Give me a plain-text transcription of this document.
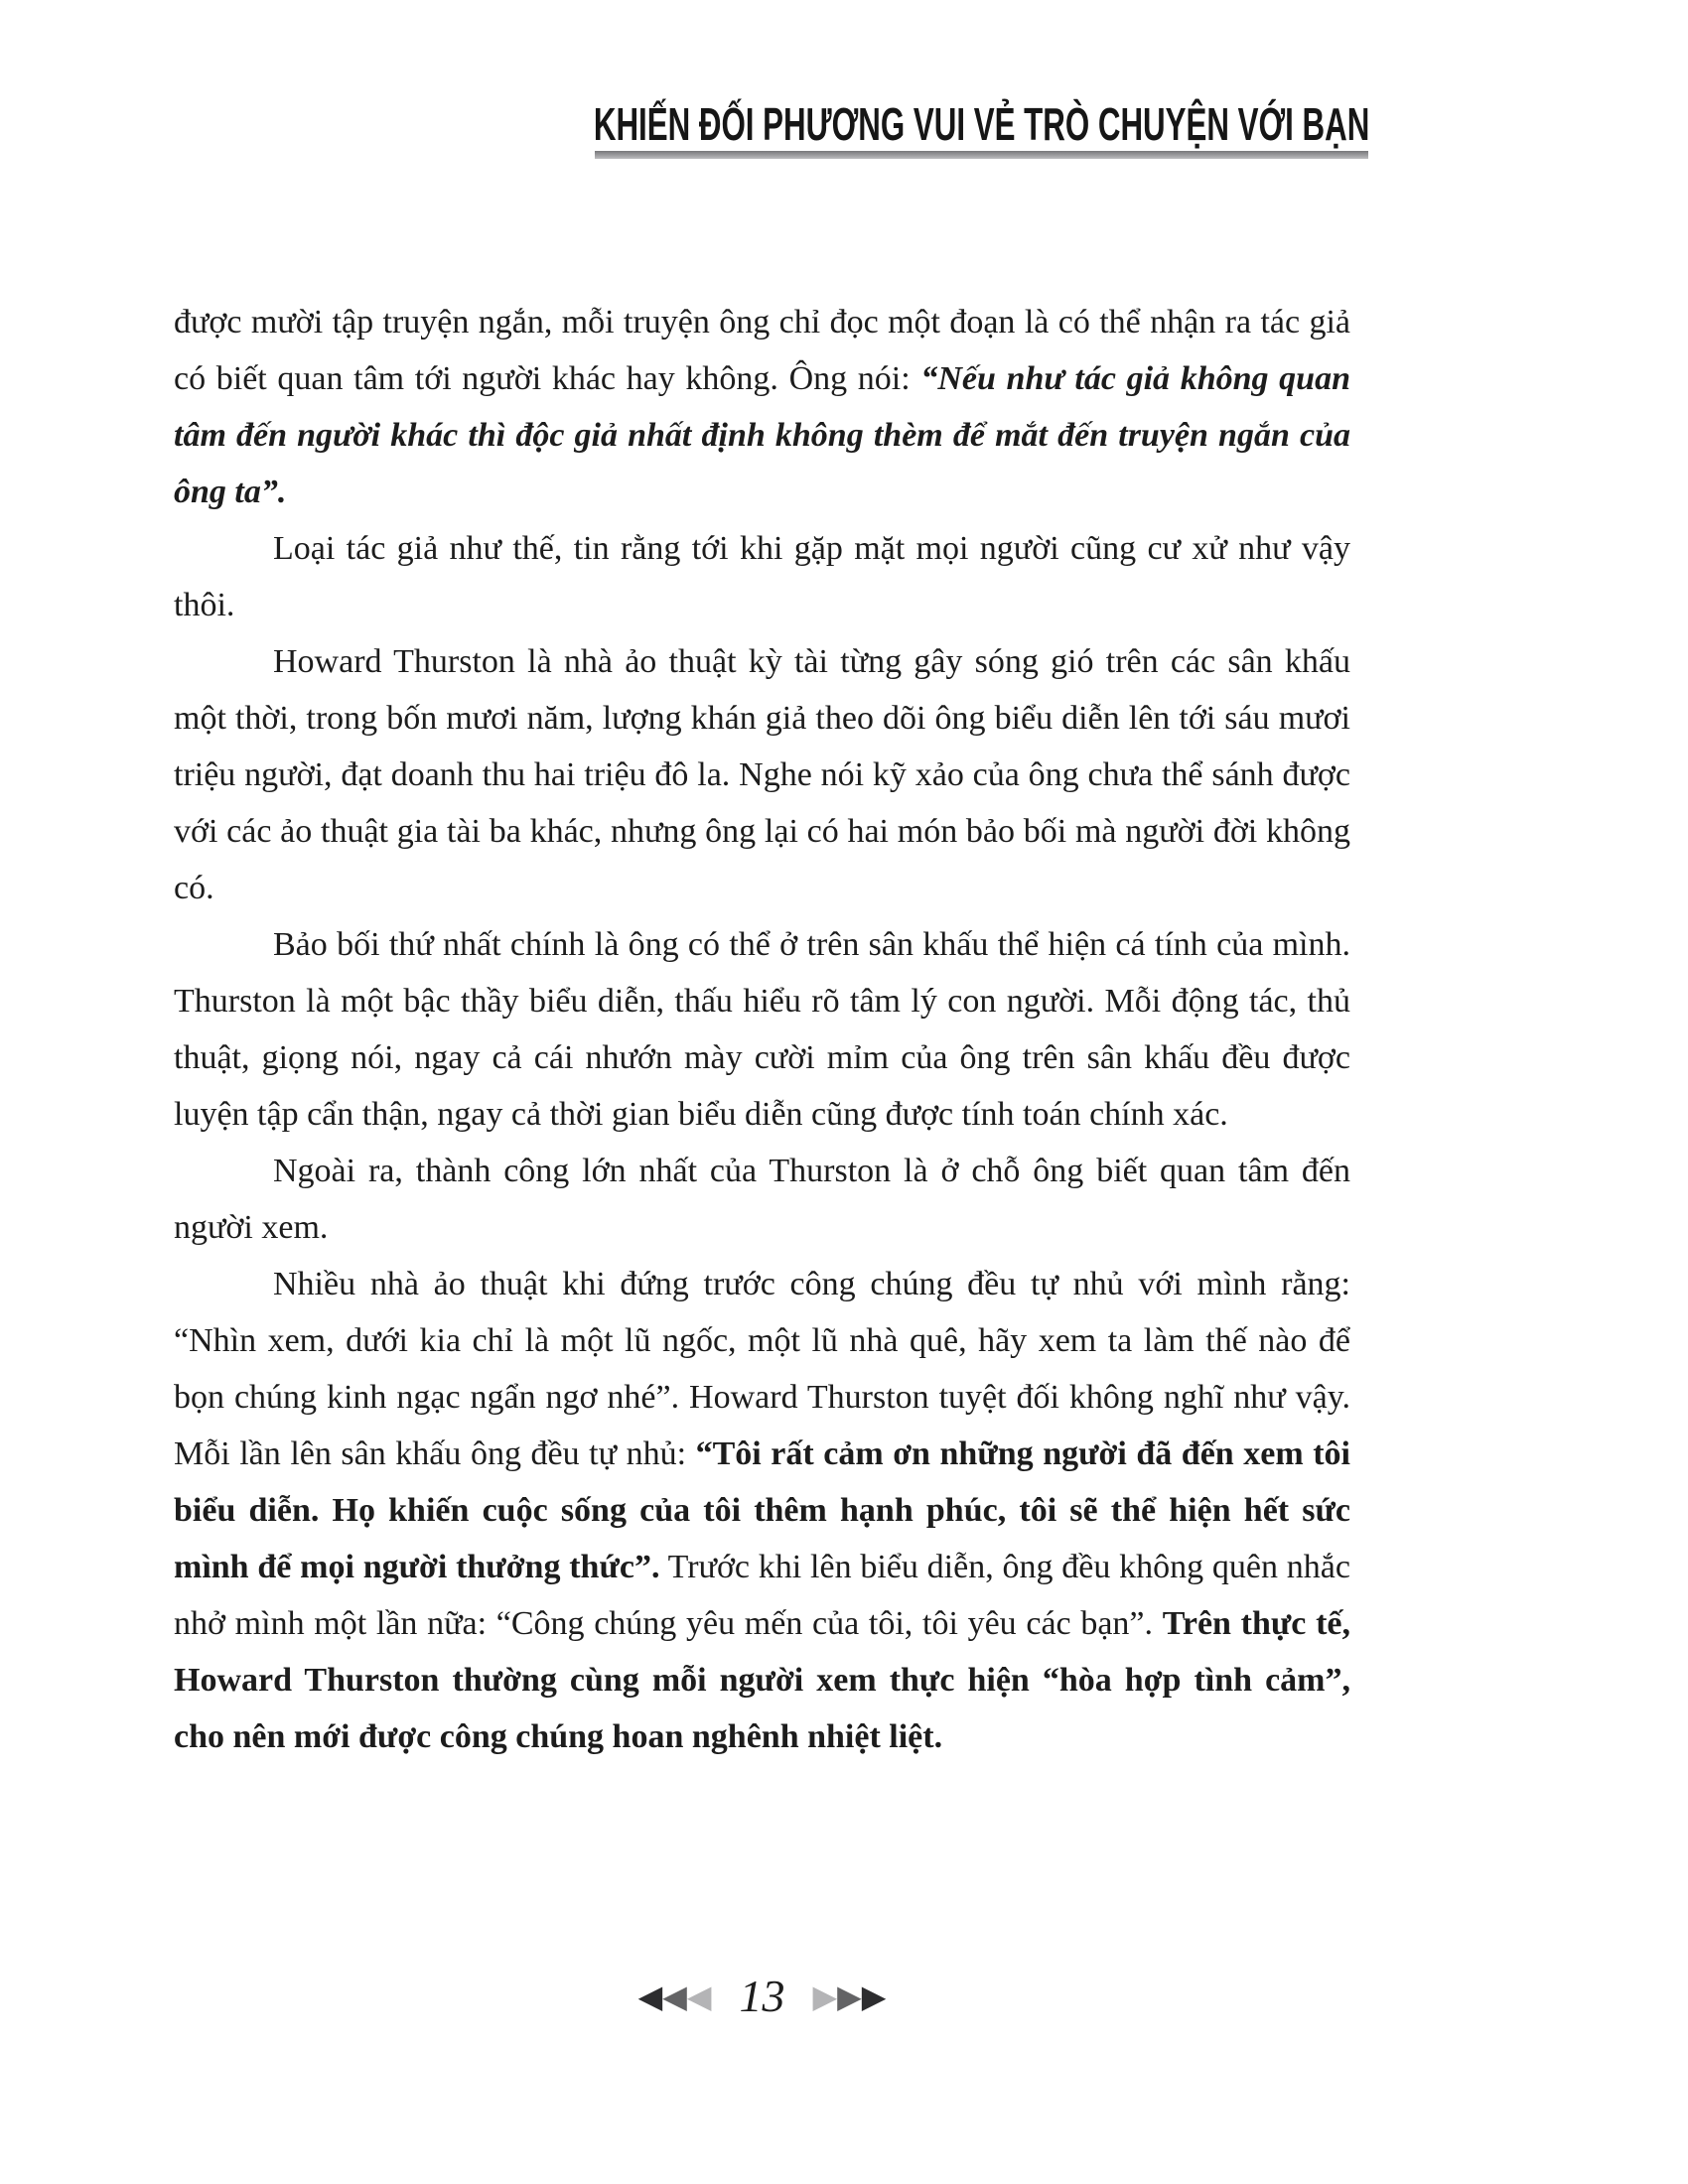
KHIẾN ĐỐI PHƯƠNG VUI VẺ TRÒ CHUYỆN VỚI BẠN

được mười tập truyện ngắn, mỗi truyện ông chỉ đọc một đoạn là có thể nhận ra tác giả có biết quan tâm tới người khác hay không. Ông nói: “Nếu như tác giả không quan tâm đến người khác thì độc giả nhất định không thèm để mắt đến truyện ngắn của ông ta”.

Loại tác giả như thế, tin rằng tới khi gặp mặt mọi người cũng cư xử như vậy thôi.

Howard Thurston là nhà ảo thuật kỳ tài từng gây sóng gió trên các sân khấu một thời, trong bốn mươi năm, lượng khán giả theo dõi ông biểu diễn lên tới sáu mươi triệu người, đạt doanh thu hai triệu đô la. Nghe nói kỹ xảo của ông chưa thể sánh được với các ảo thuật gia tài ba khác, nhưng ông lại có hai món bảo bối mà người đời không có.

Bảo bối thứ nhất chính là ông có thể ở trên sân khấu thể hiện cá tính của mình. Thurston là một bậc thầy biểu diễn, thấu hiểu rõ tâm lý con người. Mỗi động tác, thủ thuật, giọng nói, ngay cả cái nhướn mày cười mỉm của ông trên sân khấu đều được luyện tập cẩn thận, ngay cả thời gian biểu diễn cũng được tính toán chính xác.

Ngoài ra, thành công lớn nhất của Thurston là ở chỗ ông biết quan tâm đến người xem.

Nhiều nhà ảo thuật khi đứng trước công chúng đều tự nhủ với mình rằng: “Nhìn xem, dưới kia chỉ là một lũ ngốc, một lũ nhà quê, hãy xem ta làm thế nào để bọn chúng kinh ngạc ngẩn ngơ nhé”. Howard Thurston tuyệt đối không nghĩ như vậy. Mỗi lần lên sân khấu ông đều tự nhủ: “Tôi rất cảm ơn những người đã đến xem tôi biểu diễn. Họ khiến cuộc sống của tôi thêm hạnh phúc, tôi sẽ thể hiện hết sức mình để mọi người thưởng thức”. Trước khi lên biểu diễn, ông đều không quên nhắc nhở mình một lần nữa: “Công chúng yêu mến của tôi, tôi yêu các bạn”. Trên thực tế, Howard Thurston thường cùng mỗi người xem thực hiện “hòa hợp tình cảm”, cho nên mới được công chúng hoan nghênh nhiệt liệt.

◀◀◀ 13 ▶▶▶
